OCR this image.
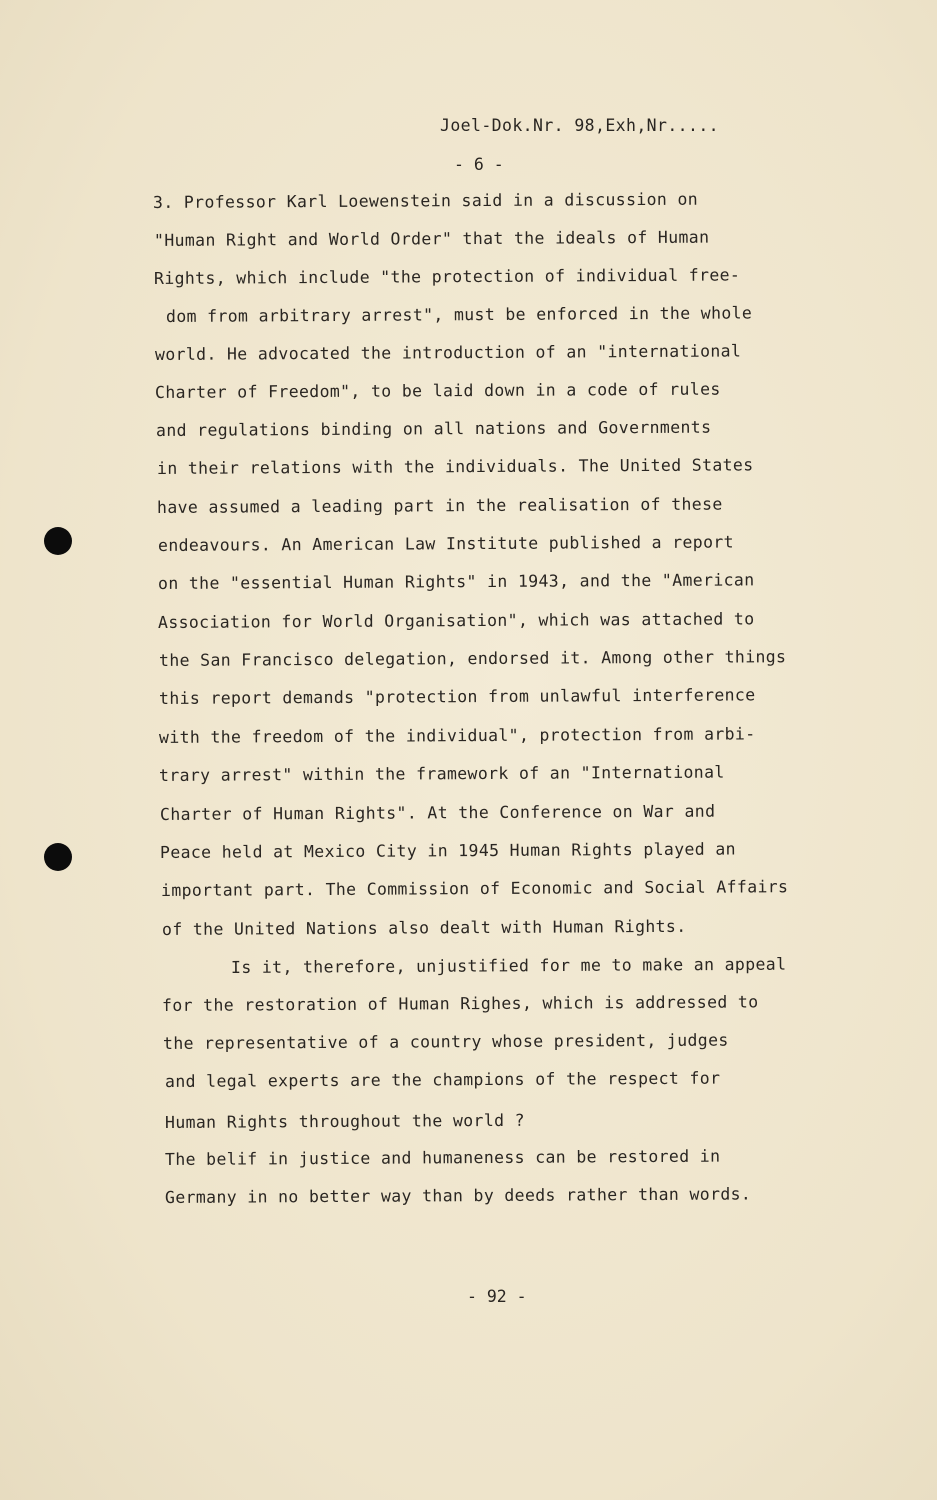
Joel-Dok.Nr. 98,Exh,Nr.....
- 6 -
3. Professor Karl Loewenstein said in a discussion on
"Human Right and World Order" that the ideals of Human
Rights, which include "the protection of individual free-
dom from arbitrary arrest", must be enforced in the whole
world. He advocated the introduction of an "international
Charter of Freedom", to be laid down in a code of rules
and regulations binding on all nations and Governments
in their relations with the individuals. The United States
have assumed a leading part in the realisation of these
endeavours. An American Law Institute published a report
on the "essential Human Rights" in 1943, and the "American
Association for World Organisation", which was attached to
the San Francisco delegation, endorsed it. Among other things
this report demands "protection from unlawful interference
with the freedom of the individual", protection from arbi-
trary arrest" within the framework of an "International
Charter of Human Rights". At the Conference on War and
Peace held at Mexico City in 1945 Human Rights played an
important part. The Commission of Economic and Social Affairs
of the United Nations also dealt with Human Rights.
Is it, therefore, unjustified for me to make an appeal
for the restoration of Human Righes, which is addressed to
the representative of a country whose president, judges
and legal experts are the champions of the respect for
Human Rights throughout the world ?
The belif in justice and humaneness can be restored in
Germany in no better way than by deeds rather than words.
- 92 -
